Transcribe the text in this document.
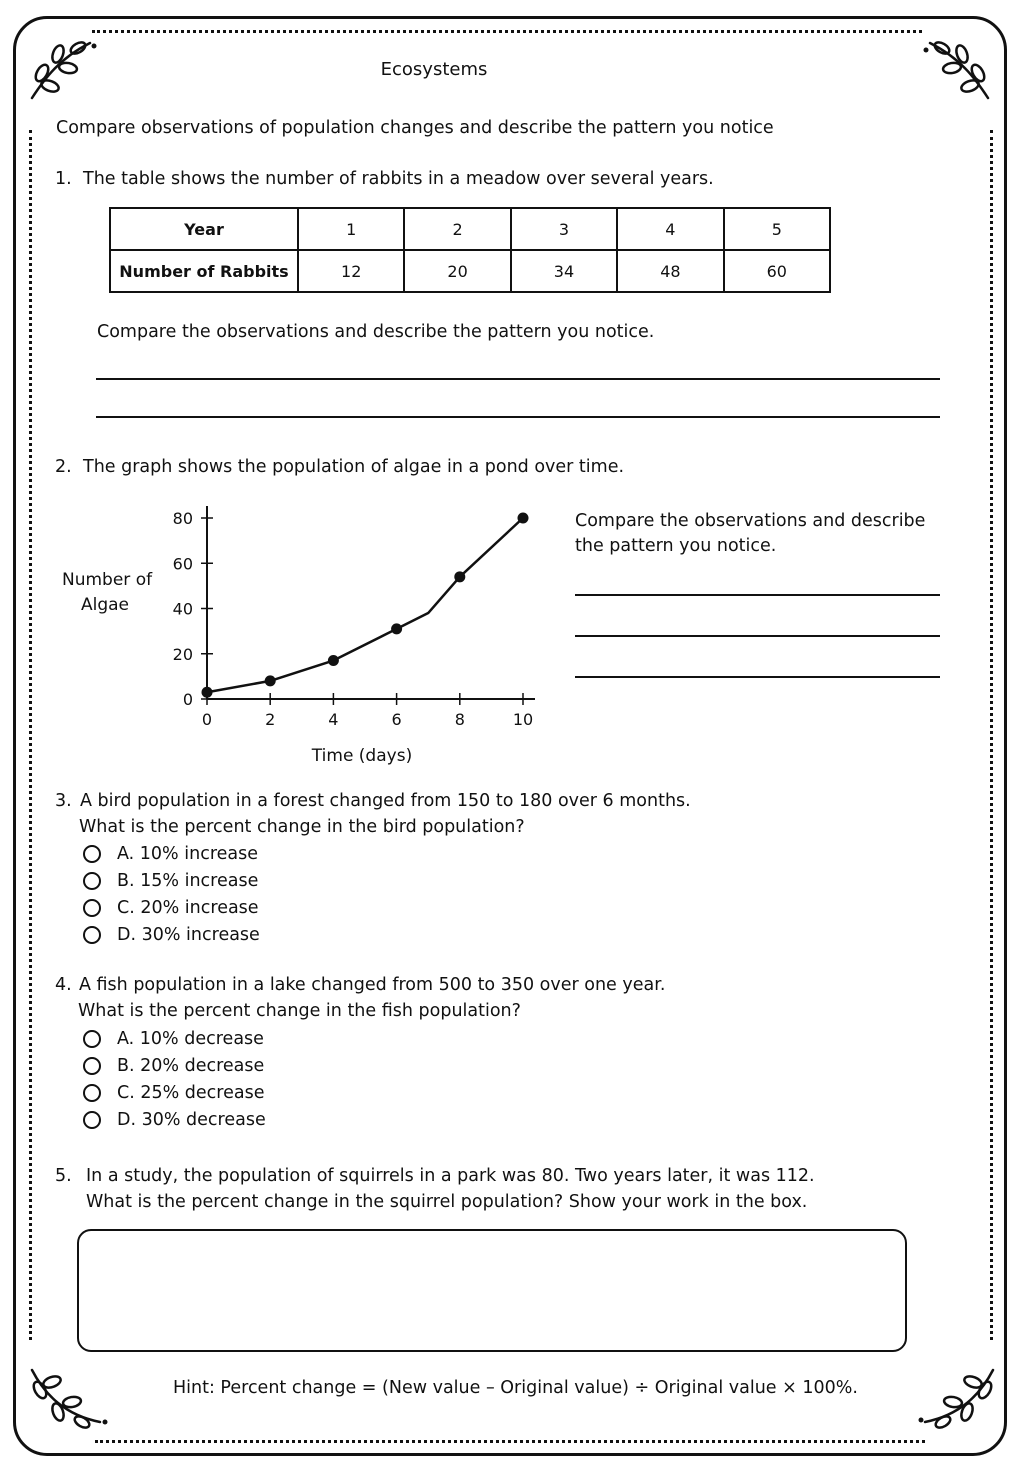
Ecosystems
Compare observations of population changes and describe the pattern you notice
1. The table shows the number of rabbits in a meadow over several years.
Year	1	2	3	4	5
Number of Rabbits	12	20	34	48	60
Compare the observations and describe the pattern you notice.
2. The graph shows the population of algae in a pond over time.
Number of
Algae
0
20
40
60
80
0	2	4	6	8	10
Time (days)
Compare the observations and describe
the pattern you notice.
3. A bird population in a forest changed from 150 to 180 over 6 months.
What is the percent change in the bird population?
A. 10% increase
B. 15% increase
C. 20% increase
D. 30% increase
4. A fish population in a lake changed from 500 to 350 over one year.
What is the percent change in the fish population?
A. 10% decrease
B. 20% decrease
C. 25% decrease
D. 30% decrease
5. In a study, the population of squirrels in a park was 80. Two years later, it was 112.
What is the percent change in the squirrel population? Show your work in the box.
Hint: Percent change = (New value – Original value) ÷ Original value × 100%.
